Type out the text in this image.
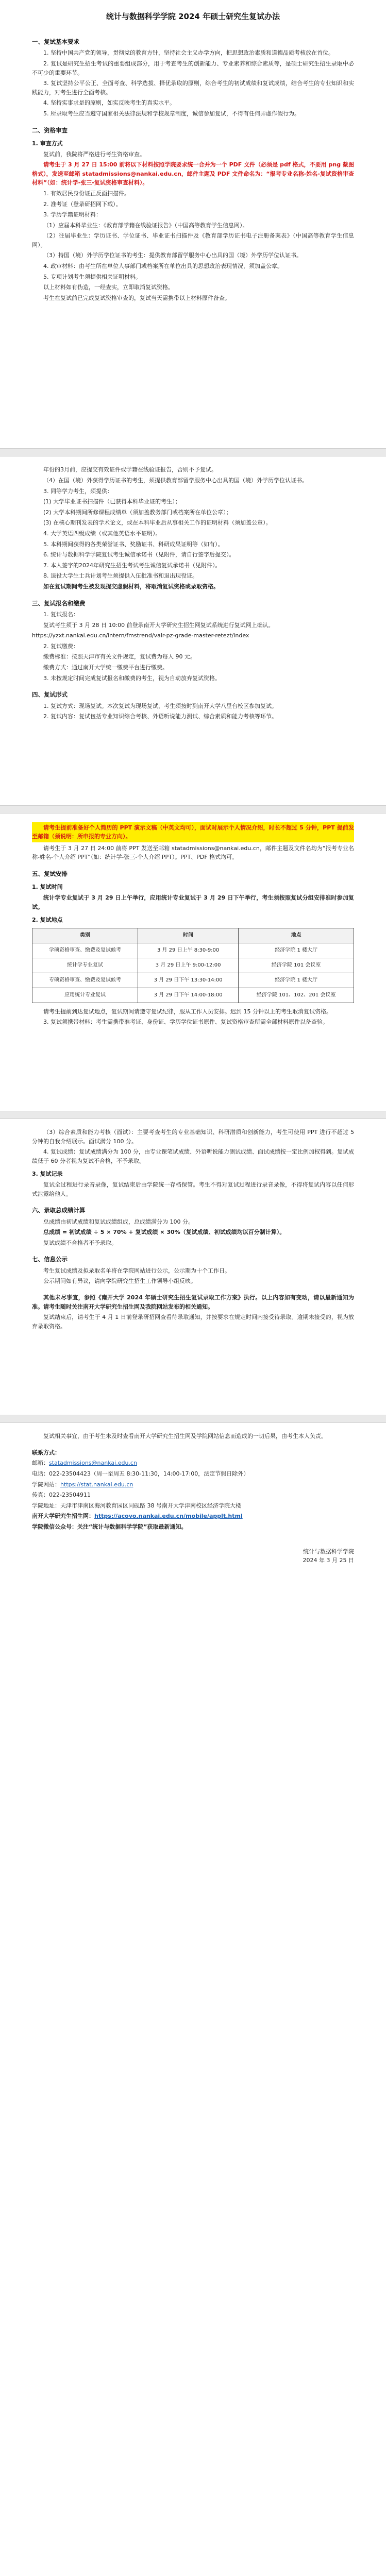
统计与数据科学学院 2024 年硕士研究生复试办法
一、复试基本要求

1. 坚持中国共产党的领导，贯彻党的教育方针，坚持社会主义办学方向，把思想政治素质和道德品质考核放在首位。

2. 复试是研究生招生考试的重要组成部分，用于考查考生的创新能力、专业素养和综合素质等，是硕士研究生招生录取中必不可少的重要环节。

3. 复试坚持公平公正、全面考查、科学选拔、择优录取的原则，综合考生的初试成绩和复试成绩，结合考生的专业知识和实践能力，对考生进行全面考核。

4. 坚持实事求是的原则，如实反映考生的真实水平。

5. 所录取考生应当遵守国家相关法律法规和学校规章制度，诚信参加复试，不得有任何弄虚作假行为。

二、资格审查
1. 审查方式

复试前，我院将严格进行考生资格审查。

请考生于 3 月 27 日 15:00 前将以下材料按照学院要求统一合并为一个 PDF 文件（必须是 pdf 格式，不要用 png 截图格式），发送至邮箱 statadmissions@nankai.edu.cn，邮件主题及 PDF 文件命名为：“报考专业名称-姓名-复试资格审查材料”（如：统计学-张三-复试资格审查材料）。

1. 有效居民身份证正反面扫描件。

2. 准考证（登录研招网下载）。

3. 学历学籍证明材料：

（1）应届本科毕业生：《教育部学籍在线验证报告》（中国高等教育学生信息网）。

（2）往届毕业生：学历证书、学位证书、毕业证书扫描件及《教育部学历证书电子注册备案表》（中国高等教育学生信息网）。

（3）持国（境）外学历学位证书的考生：提供教育部留学服务中心出具的国（境）外学历学位认证书。

4. 政审材料：由考生所在单位人事部门或档案所在单位出具的思想政治表现情况，须加盖公章。

5. 专项计划考生须提供相关证明材料。

以上材料如有伪造，一经查实，立即取消复试资格。

考生在复试前已完成复试资格审查的，复试当天需携带以上材料原件备查。

年份的3月前，应提交有效证件或学籍在线验证报告，否则不予复试。

（4）在国（境）外获得学历证书的考生，须提供教育部留学服务中心出具的国（境）外学历学位认证书。

3. 同等学力考生，须提供：

(1) 大学毕业证书扫描件（已获得本科毕业证的考生）；

(2) 大学本科期间所修课程成绩单（须加盖教务部门或档案所在单位公章）；

(3) 在核心期刊发表的学术论文，或在本科毕业后从事相关工作的证明材料（须加盖公章）。

4. 大学英语四级成绩（或其他英语水平证明）。

5. 本科期间获得的各类荣誉证书、奖励证书、科研成果证明等（如有）。

6. 统计与数据科学学院复试考生诚信承诺书（见附件，请自行签字后提交）。

7. 本人签字的2024年研究生招生考试考生诚信复试承诺书（见附件）。

8. 退役大学生士兵计划考生须提供入伍批准书和退出现役证。

如在复试期间考生被发现提交虚假材料，将取消复试资格或录取资格。

三、复试报名和缴费

1. 复试报名：

复试考生须于 3 月 28 日 10:00 前登录南开大学研究生招生网复试系统进行复试网上确认。

https://yzxt.nankai.edu.cn/intern/fmstrend/valr-pz-grade-master-retezt/index

2. 复试缴费：

缴费标准：按照天津市有关文件规定，复试费为每人 90 元。

缴费方式：通过南开大学统一缴费平台进行缴费。

3. 未按规定时间完成复试报名和缴费的考生，视为自动放弃复试资格。

四、复试形式

1. 复试方式：现场复试。本次复试为现场复试，考生须按时到南开大学八里台校区参加复试。

2. 复试内容：复试包括专业知识综合考核、外语听说能力测试、综合素质和能力考核等环节。

请考生提前准备好个人简历的 PPT 演示文稿（中英文均可），面试时展示个人情况介绍，时长不超过 5 分钟，PPT 提前发至邮箱（须说明：所申报的专业方向）。

请考生于 3 月 27 日 24:00 前将 PPT 发送至邮箱 statadmissions@nankai.edu.cn，邮件主题及文件名均为“报考专业名称-姓名-个人介绍 PPT”（如：统计学-张三-个人介绍 PPT）。PPT、PDF 格式均可。

五、复试安排
1. 复试时间

统计学专业复试于 3 月 29 日上午举行，应用统计专业复试于 3 月 29 日下午举行，考生须按照复试分组安排准时参加复试。

2. 复试地点
类别	时间	地点
学硕资格审查、缴费及复试候考	3 月 29 日上午 8:30-9:00	经济学院 1 楼大厅
统计学专业复试	3 月 29 日上午 9:00-12:00	经济学院 101 会议室
专硕资格审查、缴费及复试候考	3 月 29 日下午 13:30-14:00	经济学院 1 楼大厅
应用统计专业复试	3 月 29 日下午 14:00-18:00	经济学院 101、102、201 会议室

请考生提前到达复试地点，复试期间请遵守复试纪律，服从工作人员安排。迟到 15 分钟以上的考生取消复试资格。

3. 复试须携带材料：考生需携带准考证、身份证、学历学位证书原件、复试资格审查所需全部材料原件以备查验。

（3）综合素质和能力考核（面试）：主要考查考生的专业基础知识、科研潜质和创新能力，考生可使用 PPT 进行不超过 5 分钟的自我介绍展示。面试满分 100 分。

4. 复试成绩：复试成绩满分为 100 分，由专业课笔试成绩、外语听说能力测试成绩、面试成绩按一定比例加权得到。复试成绩低于 60 分者视为复试不合格，不予录取。

3. 复试记录

复试全过程进行录音录像，复试结束后由学院统一存档保管。考生不得对复试过程进行录音录像，不得将复试内容以任何形式泄露给他人。

六、录取总成绩计算

总成绩由初试成绩和复试成绩组成，总成绩满分为 100 分。

总成绩 = 初试成绩 ÷ 5 × 70% + 复试成绩 × 30%（复试成绩、初试成绩均以百分制计算）。

复试成绩不合格者不予录取。

七、信息公示

考生复试成绩及拟录取名单将在学院网站进行公示，公示期为十个工作日。

公示期间如有异议，请向学院研究生招生工作领导小组反映。

其他未尽事宜，参照《南开大学 2024 年硕士研究生招生复试录取工作方案》执行。以上内容如有变动，请以最新通知为准。请考生随时关注南开大学研究生招生网及我院网站发布的相关通知。

复试结束后，请考生于 4 月 1 日前登录研招网查看待录取通知，并按要求在规定时间内接受待录取。逾期未接受的，视为放弃录取资格。

复试相关事宜，由于考生未及时查看南开大学研究生招生网及学院网站信息而造成的一切后果，由考生本人负责。

联系方式：

邮箱：statadmissions@nankai.edu.cn

电话：022-23504423（周一至周五 8:30-11:30，14:00-17:00，法定节假日除外）

学院网站：https://stat.nankai.edu.cn

传真：022-23504911

学院地址：天津市津南区海河教育园区同砚路 38 号南开大学津南校区经济学院大楼

南开大学研究生招生网：https://acovo.nankai.edu.cn/mobile/applt.html

学院微信公众号：关注“统计与数据科学学院”获取最新通知。

统计与数据科学学院
2024 年 3 月 25 日
